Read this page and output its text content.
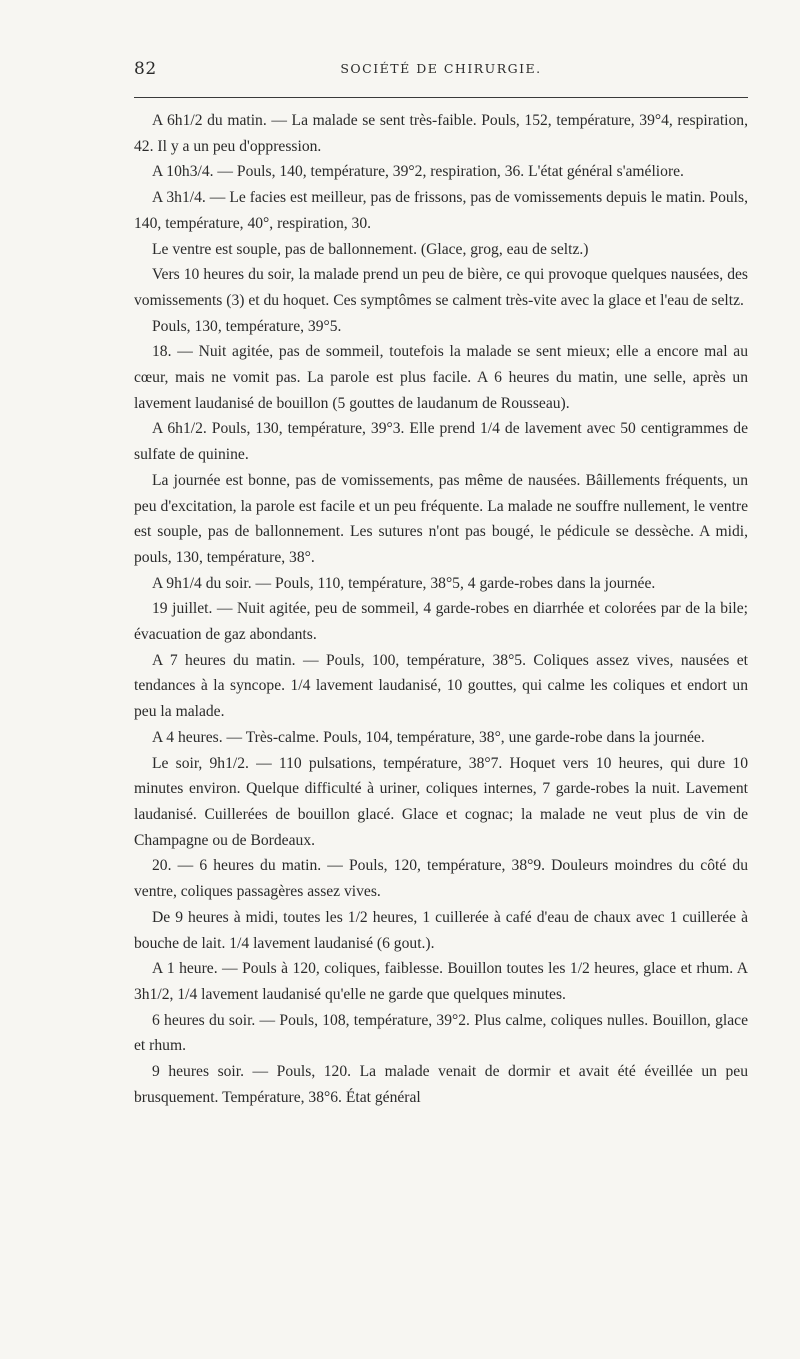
82	SOCIÉTÉ DE CHIRURGIE.

A 6h1/2 du matin. — La malade se sent très-faible. Pouls, 152, température, 39°4, respiration, 42. Il y a un peu d'oppression.

A 10h3/4. — Pouls, 140, température, 39°2, respiration, 36. L'état général s'améliore.

A 3h1/4. — Le facies est meilleur, pas de frissons, pas de vomissements depuis le matin. Pouls, 140, température, 40°, respiration, 30.

Le ventre est souple, pas de ballonnement. (Glace, grog, eau de seltz.)

Vers 10 heures du soir, la malade prend un peu de bière, ce qui provoque quelques nausées, des vomissements (3) et du hoquet. Ces symptômes se calment très-vite avec la glace et l'eau de seltz.

Pouls, 130, température, 39°5.

18. — Nuit agitée, pas de sommeil, toutefois la malade se sent mieux; elle a encore mal au cœur, mais ne vomit pas. La parole est plus facile. A 6 heures du matin, une selle, après un lavement laudanisé de bouillon (5 gouttes de laudanum de Rousseau).

A 6h1/2. Pouls, 130, température, 39°3. Elle prend 1/4 de lavement avec 50 centigrammes de sulfate de quinine.

La journée est bonne, pas de vomissements, pas même de nausées. Bâillements fréquents, un peu d'excitation, la parole est facile et un peu fréquente. La malade ne souffre nullement, le ventre est souple, pas de ballonnement. Les sutures n'ont pas bougé, le pédicule se dessèche. A midi, pouls, 130, température, 38°.

A 9h1/4 du soir. — Pouls, 110, température, 38°5, 4 garde-robes dans la journée.

19 juillet. — Nuit agitée, peu de sommeil, 4 garde-robes en diarrhée et colorées par de la bile; évacuation de gaz abondants.

A 7 heures du matin. — Pouls, 100, température, 38°5. Coliques assez vives, nausées et tendances à la syncope. 1/4 lavement laudanisé, 10 gouttes, qui calme les coliques et endort un peu la malade.

A 4 heures. — Très-calme. Pouls, 104, température, 38°, une garde-robe dans la journée.

Le soir, 9h1/2. — 110 pulsations, température, 38°7. Hoquet vers 10 heures, qui dure 10 minutes environ. Quelque difficulté à uriner, coliques internes, 7 garde-robes la nuit. Lavement laudanisé. Cuillerées de bouillon glacé. Glace et cognac; la malade ne veut plus de vin de Champagne ou de Bordeaux.

20. — 6 heures du matin. — Pouls, 120, température, 38°9. Douleurs moindres du côté du ventre, coliques passagères assez vives.

De 9 heures à midi, toutes les 1/2 heures, 1 cuillerée à café d'eau de chaux avec 1 cuillerée à bouche de lait. 1/4 lavement laudanisé (6 gout.).

A 1 heure. — Pouls à 120, coliques, faiblesse. Bouillon toutes les 1/2 heures, glace et rhum. A 3h1/2, 1/4 lavement laudanisé qu'elle ne garde que quelques minutes.

6 heures du soir. — Pouls, 108, température, 39°2. Plus calme, coliques nulles. Bouillon, glace et rhum.

9 heures soir. — Pouls, 120. La malade venait de dormir et avait été éveillée un peu brusquement. Température, 38°6. État général
